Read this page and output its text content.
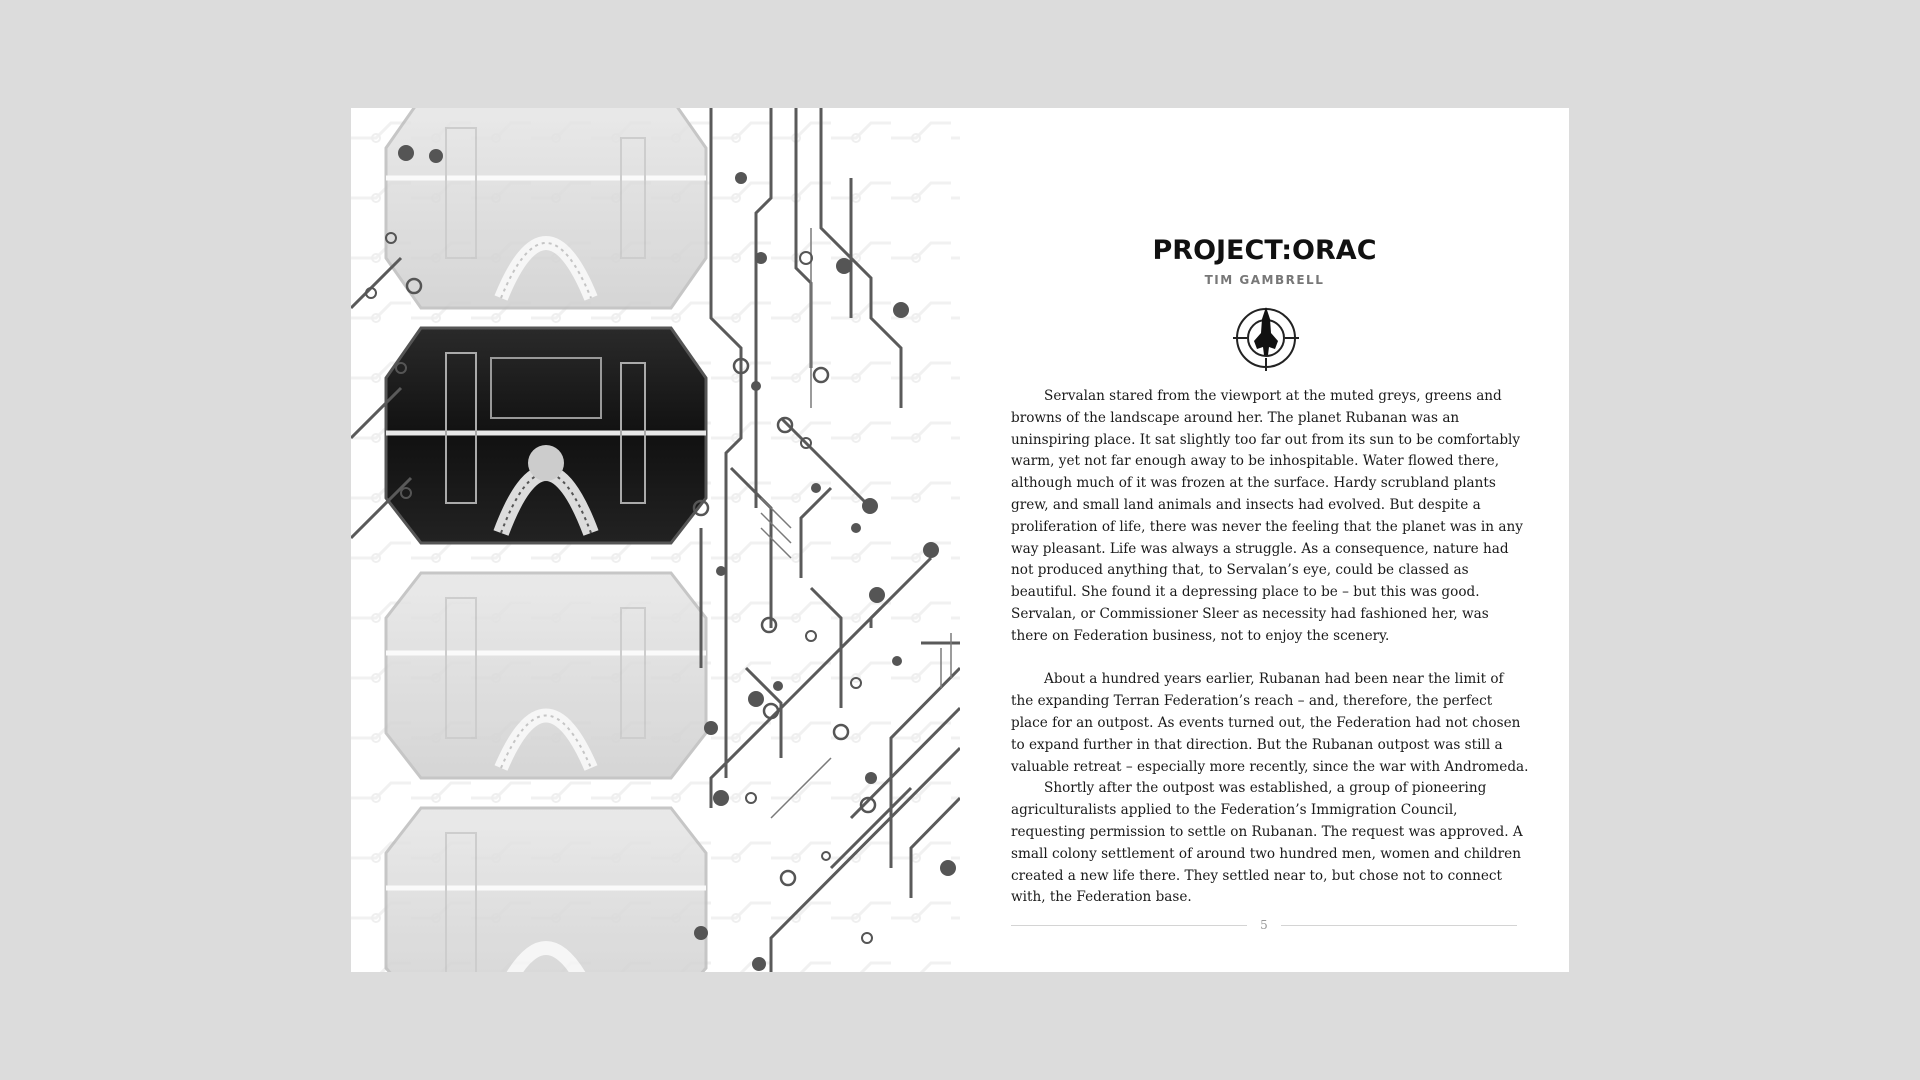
PROJECT:ORAC
TIM GAMBRELL

Servalan stared from the viewport at the muted greys, greens and browns of the landscape around her. The planet Rubanan was an uninspiring place. It sat slightly too far out from its sun to be comfortably warm, yet not far enough away to be inhospitable. Water flowed there, although much of it was frozen at the surface. Hardy scrubland plants grew, and small land animals and insects had evolved. But despite a proliferation of life, there was never the feeling that the planet was in any way pleasant. Life was always a struggle. As a consequence, nature had not produced anything that, to Servalan’s eye, could be classed as beautiful. She found it a depressing place to be – but this was good. Servalan, or Commissioner Sleer as necessity had fashioned her, was there on Federation business, not to enjoy the scenery.

About a hundred years earlier, Rubanan had been near the limit of the expanding Terran Federation’s reach – and, therefore, the perfect place for an outpost. As events turned out, the Federation had not chosen to expand further in that direction. But the Rubanan outpost was still a valuable retreat – especially more recently, since the war with Andromeda.

Shortly after the outpost was established, a group of pioneering agriculturalists applied to the Federation’s Immigration Council, requesting permission to settle on Rubanan. The request was approved. A small colony settlement of around two hundred men, women and children created a new life there. They settled near to, but chose not to connect with, the Federation base.

5
